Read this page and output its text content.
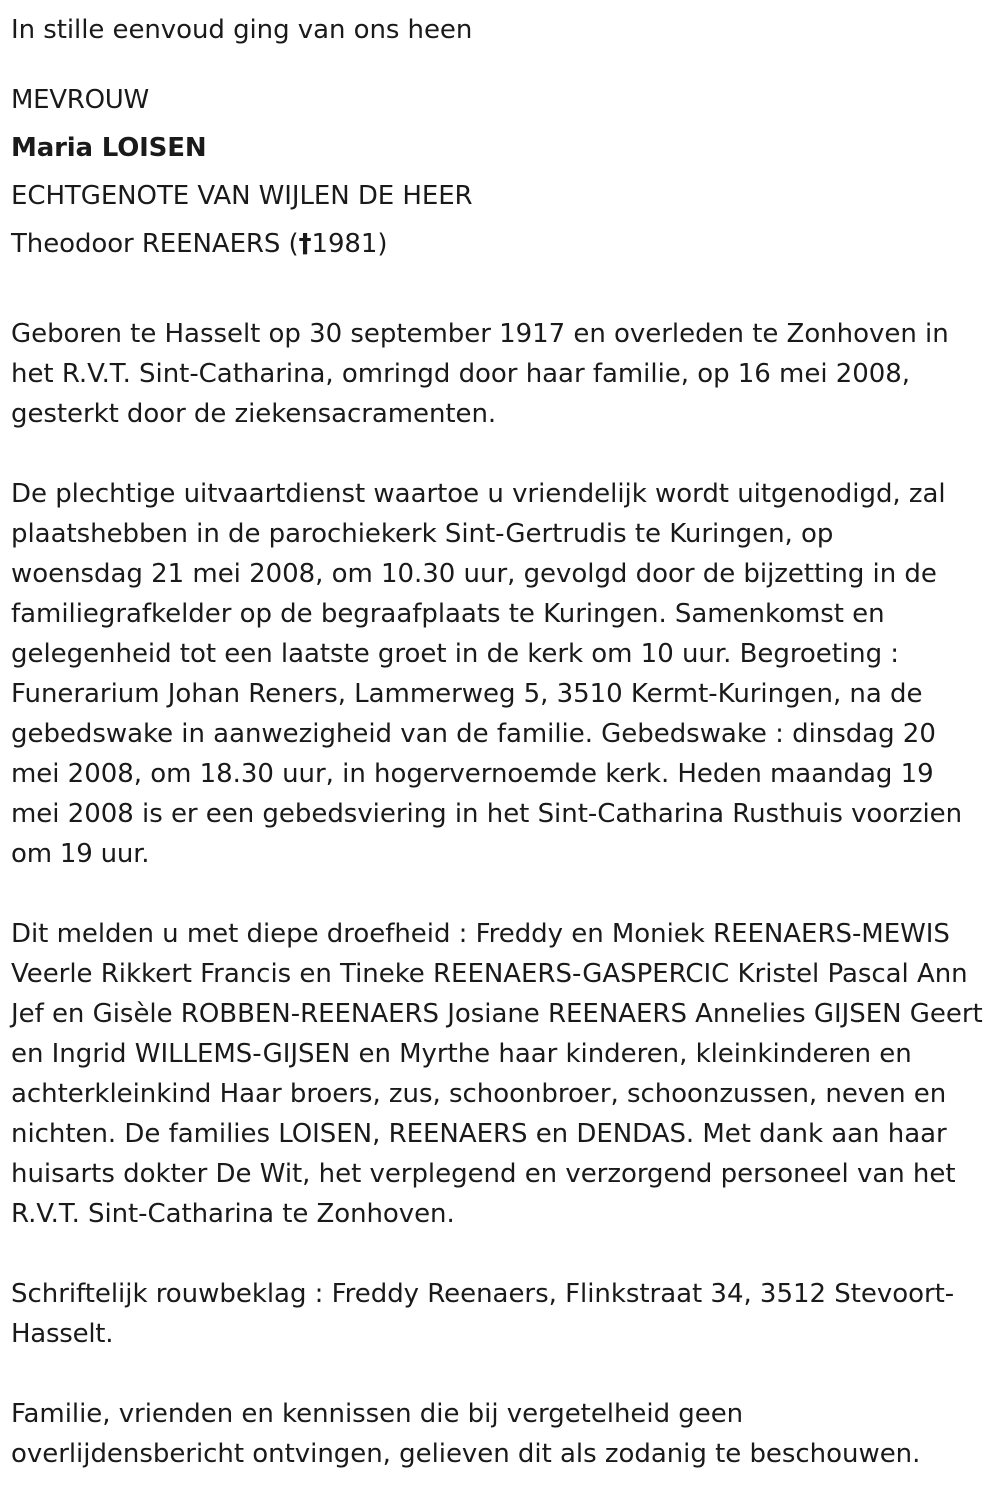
In stille eenvoud ging van ons heen
MEVROUW
Maria LOISEN
ECHTGENOTE VAN WIJLEN DE HEER
Theodoor REENAERS (†1981)

Geboren te Hasselt op 30 september 1917 en overleden te Zonhoven in

het R.V.T. Sint-Catharina, omringd door haar familie, op 16 mei 2008,

gesterkt door de ziekensacramenten.

De plechtige uitvaartdienst waartoe u vriendelijk wordt uitgenodigd, zal

plaatshebben in de parochiekerk Sint-Gertrudis te Kuringen, op

woensdag 21 mei 2008, om 10.30 uur, gevolgd door de bijzetting in de

familiegrafkelder op de begraafplaats te Kuringen. Samenkomst en

gelegenheid tot een laatste groet in de kerk om 10 uur. Begroeting :

Funerarium Johan Reners, Lammerweg 5, 3510 Kermt-Kuringen, na de

gebedswake in aanwezigheid van de familie. Gebedswake : dinsdag 20

mei 2008, om 18.30 uur, in hogervernoemde kerk. Heden maandag 19

mei 2008 is er een gebedsviering in het Sint-Catharina Rusthuis voorzien

om 19 uur.

Dit melden u met diepe droefheid : Freddy en Moniek REENAERS-MEWIS

Veerle Rikkert Francis en Tineke REENAERS-GASPERCIC Kristel Pascal Ann

Jef en Gisèle ROBBEN-REENAERS Josiane REENAERS Annelies GIJSEN Geert

en Ingrid WILLEMS-GIJSEN en Myrthe haar kinderen, kleinkinderen en

achterkleinkind Haar broers, zus, schoonbroer, schoonzussen, neven en

nichten. De families LOISEN, REENAERS en DENDAS. Met dank aan haar

huisarts dokter De Wit, het verplegend en verzorgend personeel van het

R.V.T. Sint-Catharina te Zonhoven.

Schriftelijk rouwbeklag : Freddy Reenaers, Flinkstraat 34, 3512 Stevoort-

Hasselt.

Familie, vrienden en kennissen die bij vergetelheid geen

overlijdensbericht ontvingen, gelieven dit als zodanig te beschouwen.
